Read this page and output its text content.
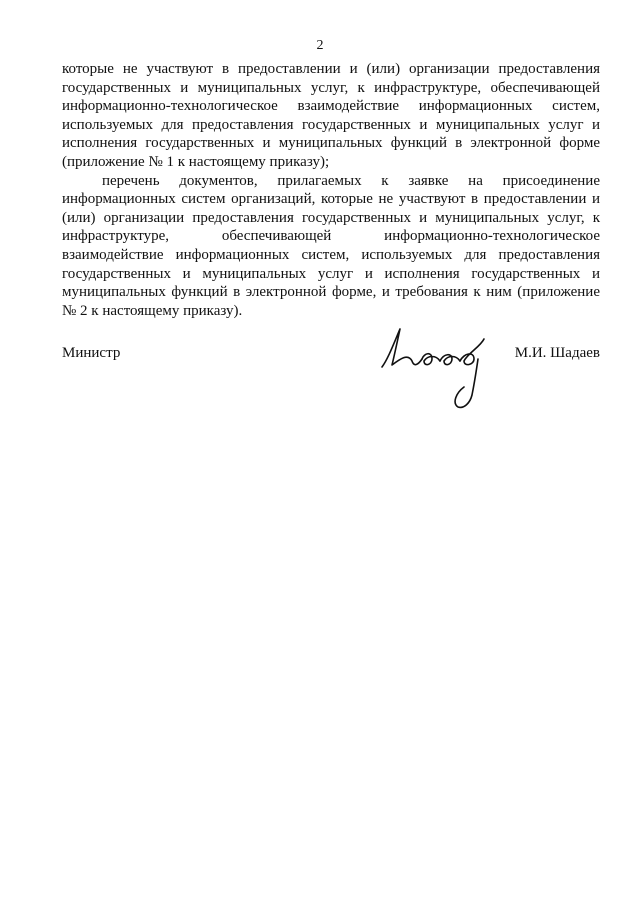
2

которые не участвуют в предоставлении и (или) организации предоставления государственных и муниципальных услуг, к инфраструктуре, обеспечивающей информационно-технологическое взаимодействие информационных систем, используемых для предоставления государственных и муниципальных услуг и исполнения государственных и муниципальных функций в электронной форме (приложение № 1 к настоящему приказу);

перечень документов, прилагаемых к заявке на присоединение информационных систем организаций, которые не участвуют в предоставлении и (или) организации предоставления государственных и муниципальных услуг, к инфраструктуре, обеспечивающей информационно-технологическое взаимодействие информационных систем, используемых для предоставления государственных и муниципальных услуг и исполнения государственных и муниципальных функций в электронной форме, и требования к ним (приложение № 2 к настоящему приказу).

Министр	М.И. Шадаев
